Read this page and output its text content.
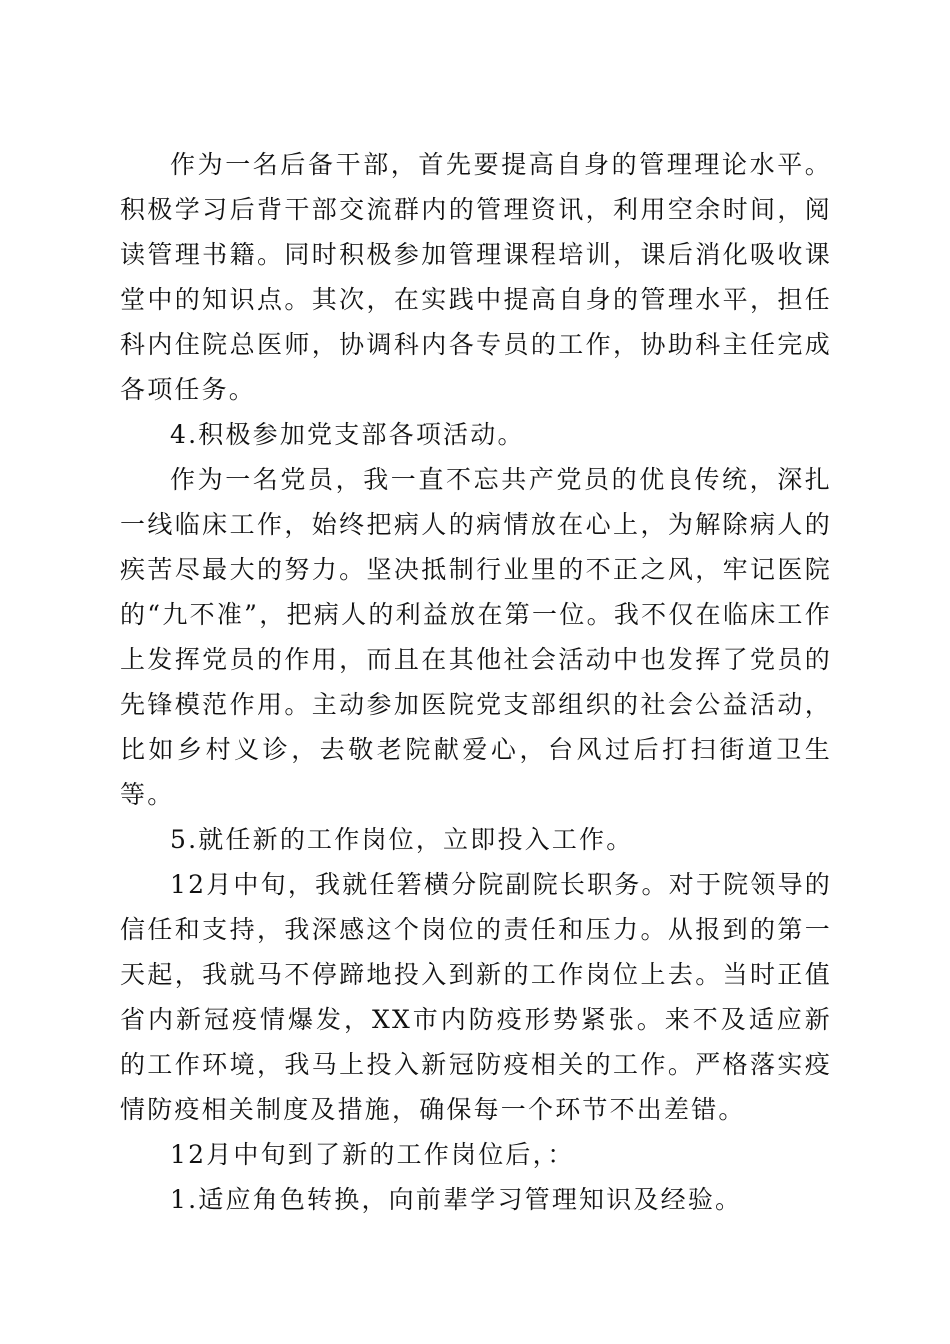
作为一名后备干部，首先要提高自身的管理理论水平。积极学习后背干部交流群内的管理资讯，利用空余时间，阅读管理书籍。同时积极参加管理课程培训，课后消化吸收课堂中的知识点。其次，在实践中提高自身的管理水平，担任科内住院总医师，协调科内各专员的工作，协助科主任完成各项任务。

4.积极参加党支部各项活动。

作为一名党员，我一直不忘共产党员的优良传统，深扎一线临床工作，始终把病人的病情放在心上，为解除病人的疾苦尽最大的努力。坚决抵制行业里的不正之风，牢记医院的“九不准”，把病人的利益放在第一位。我不仅在临床工作上发挥党员的作用，而且在其他社会活动中也发挥了党员的先锋模范作用。主动参加医院党支部组织的社会公益活动，比如乡村义诊，去敬老院献爱心，台风过后打扫街道卫生等。

5.就任新的工作岗位，立即投入工作。

12月中旬，我就任箬横分院副院长职务。对于院领导的信任和支持，我深感这个岗位的责任和压力。从报到的第一天起，我就马不停蹄地投入到新的工作岗位上去。当时正值省内新冠疫情爆发，XX市内防疫形势紧张。来不及适应新的工作环境，我马上投入新冠防疫相关的工作。严格落实疫情防疫相关制度及措施，确保每一个环节不出差错。

12月中旬到了新的工作岗位后，：

1.适应角色转换，向前辈学习管理知识及经验。
